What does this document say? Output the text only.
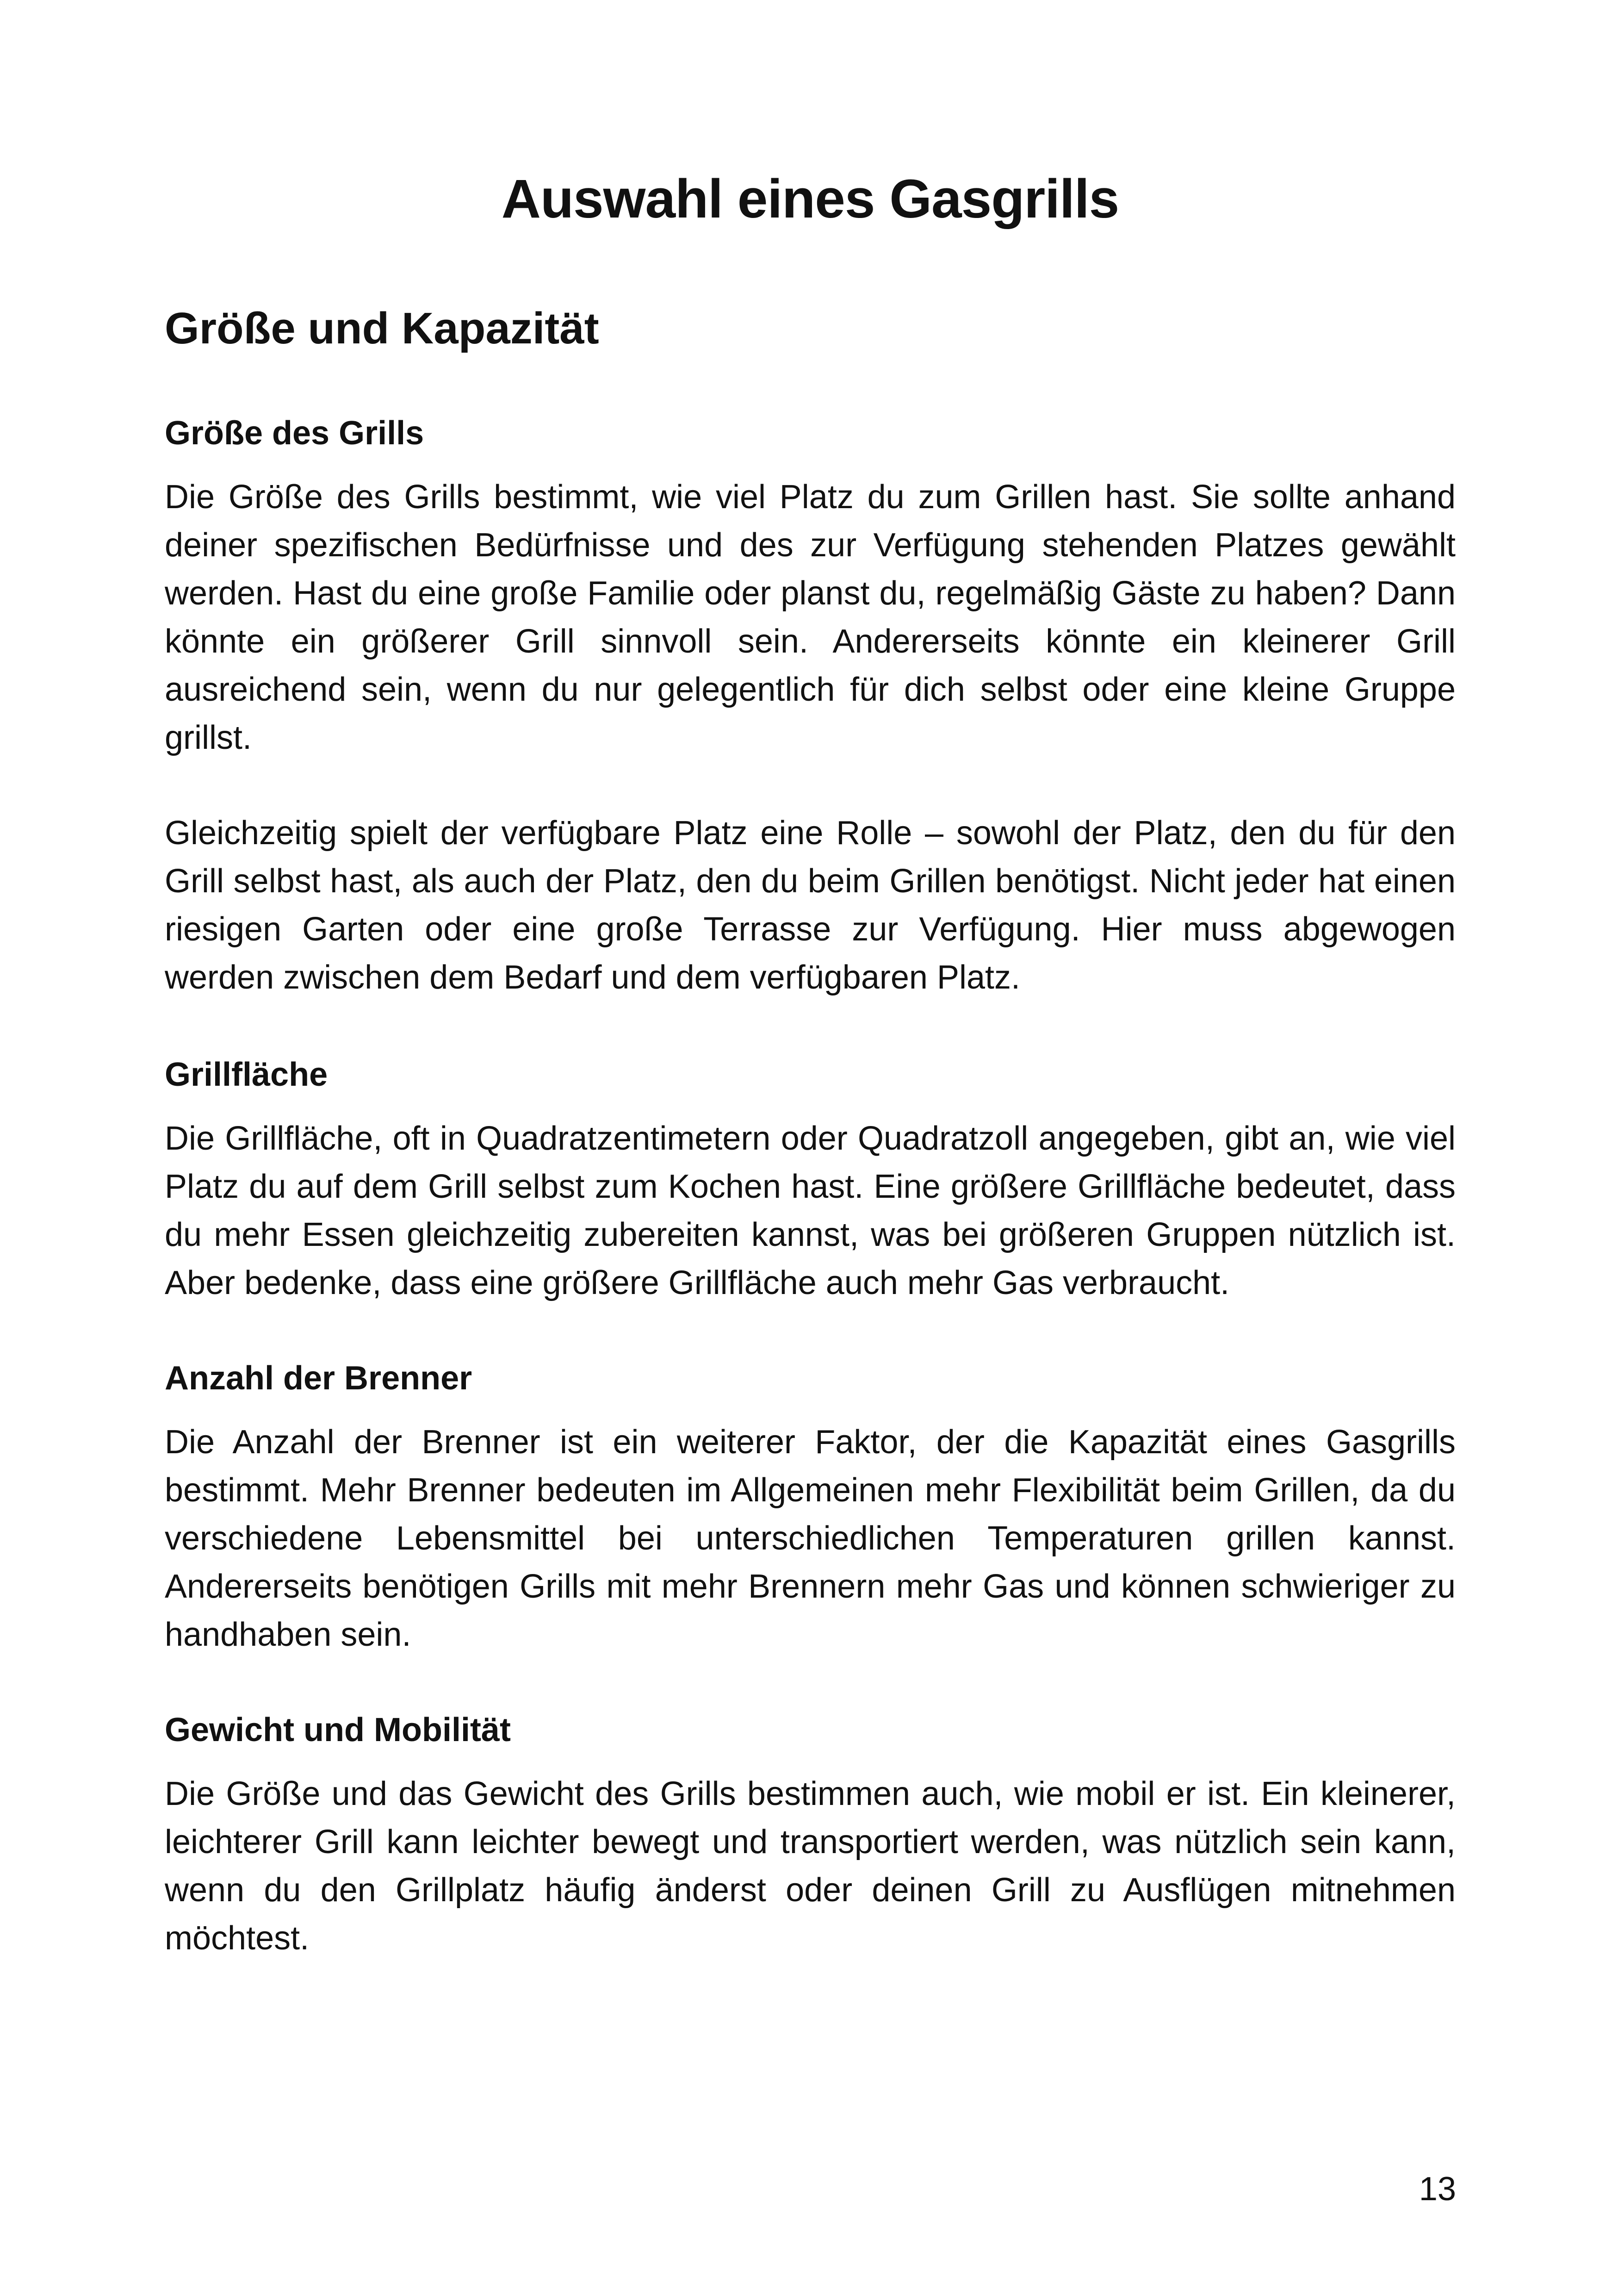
Auswahl eines Gasgrills
Größe und Kapazität
Größe des Grills

Die Größe des Grills bestimmt, wie viel Platz du zum Grillen hast. Sie sollte anhand deiner spezifischen Bedürfnisse und des zur Verfügung stehenden Platzes gewählt werden. Hast du eine große Familie oder planst du, regelmäßig Gäste zu haben? Dann könnte ein größerer Grill sinnvoll sein. Andererseits könnte ein kleinerer Grill ausreichend sein, wenn du nur gelegentlich für dich selbst oder eine kleine Gruppe grillst.

Gleichzeitig spielt der verfügbare Platz eine Rolle – sowohl der Platz, den du für den Grill selbst hast, als auch der Platz, den du beim Grillen benötigst. Nicht jeder hat einen riesigen Garten oder eine große Terrasse zur Verfügung. Hier muss abgewogen werden zwischen dem Bedarf und dem verfügbaren Platz.

Grillfläche

Die Grillfläche, oft in Quadratzentimetern oder Quadratzoll angegeben, gibt an, wie viel Platz du auf dem Grill selbst zum Kochen hast. Eine größere Grillfläche bedeutet, dass du mehr Essen gleichzeitig zubereiten kannst, was bei größeren Gruppen nützlich ist. Aber bedenke, dass eine größere Grillfläche auch mehr Gas verbraucht.

Anzahl der Brenner

Die Anzahl der Brenner ist ein weiterer Faktor, der die Kapazität eines Gasgrills bestimmt. Mehr Brenner bedeuten im Allgemeinen mehr Flexibilität beim Grillen, da du verschiedene Lebensmittel bei unterschiedlichen Temperaturen grillen kannst. Andererseits benötigen Grills mit mehr Brennern mehr Gas und können schwieriger zu handhaben sein.

Gewicht und Mobilität

Die Größe und das Gewicht des Grills bestimmen auch, wie mobil er ist. Ein kleinerer, leichterer Grill kann leichter bewegt und transportiert werden, was nützlich sein kann, wenn du den Grillplatz häufig änderst oder deinen Grill zu Ausflügen mitnehmen möchtest.

13
